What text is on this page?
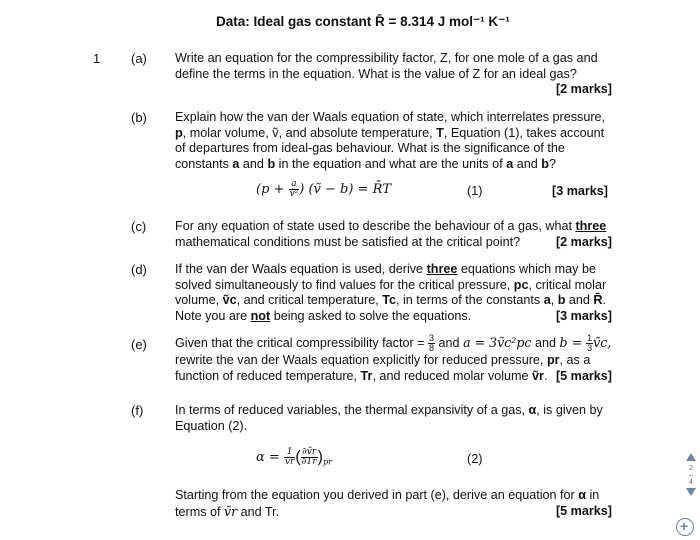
Data: Ideal gas constant R̄ = 8.314 J mol⁻¹ K⁻¹
1 (a) Write an equation for the compressibility factor, Z, for one mole of a gas and
define the terms in the equation. What is the value of Z for an ideal gas?
[2 marks]
(b) Explain how the van der Waals equation of state, which interrelates pressure,
p, molar volume, ṽ, and absolute temperature, T, Equation (1), takes account
of departures from ideal-gas behaviour. What is the significance of the
constants a and b in the equation and what are the units of a and b?
($p + \frac{a}{\text{ṽ²}}$ ) (ṽ − b) = R̄T	(1)	[3 marks]
(c) For any equation of state used to describe the behaviour of a gas, what three
mathematical conditions must be satisfied at the critical point?	[2 marks]
(d) If the van der Waals equation is used, derive three equations which may be
solved simultaneously to find values for the critical pressure, pc, critical molar
volume, ṽc, and critical temperature, Tc, in terms of the constants a, b and R̄.
Note you are not being asked to solve the equations.	[3 marks]
(e) Given that the critical compressibility factor = $\frac{3}{8}$ and a = 3ṽc²pc and $b = \frac{1}{3}$ ṽc,
rewrite the van der Waals equation explicitly for reduced pressure, pr, as a
function of reduced temperature, Tr, and reduced molar volume ṽr. [5 marks]
(f)	In terms of reduced variables, the thermal expansivity of a gas, α, is given by
Equation (2).
$\alpha = \frac{1}{\text{ṽr}}$ ( $\frac{\text{∂ṽr}}{\partial Tr} )_{pr}$	(2)
Starting from the equation you derived in part (e), derive an equation for α in
terms of ṽr and Tr.	[5 marks]
2
–
4
+
